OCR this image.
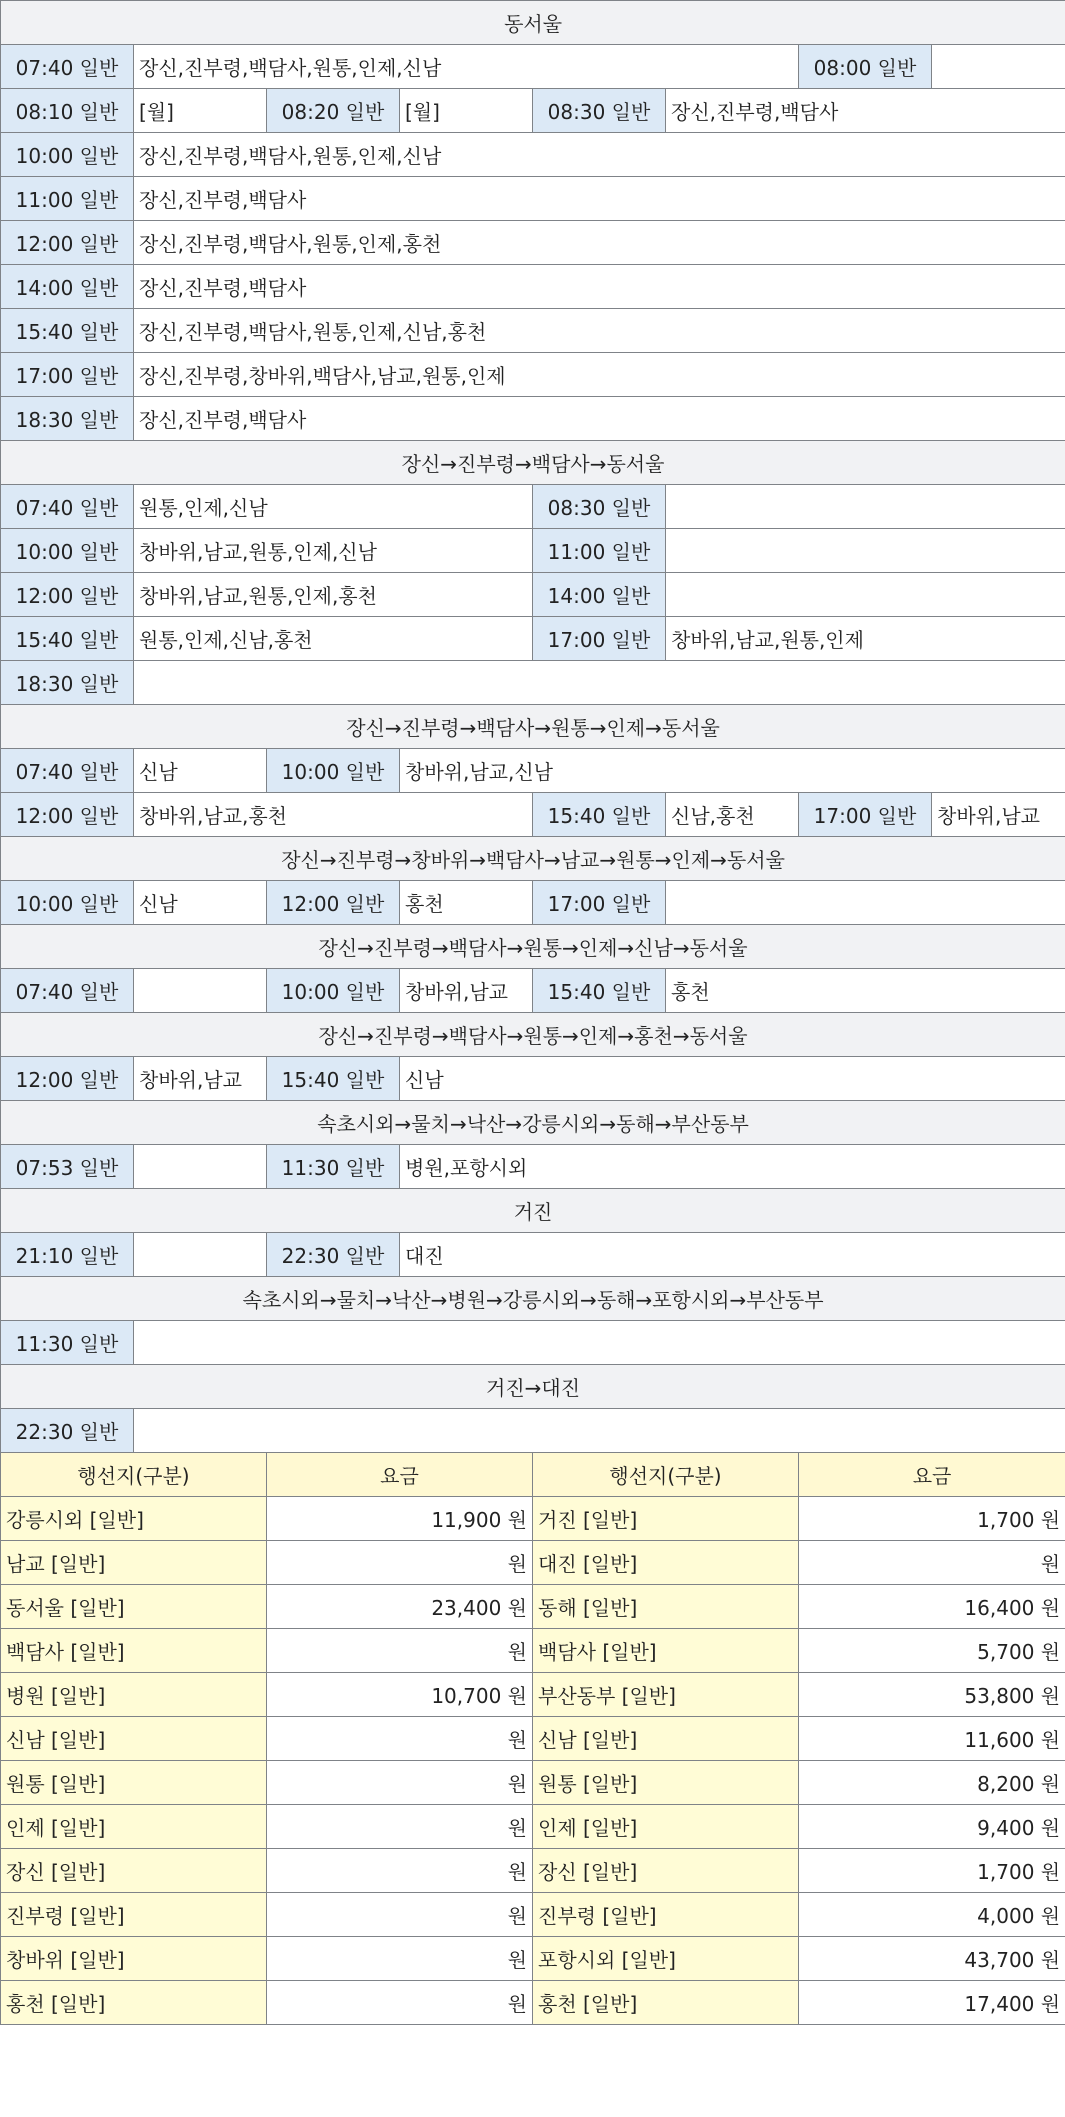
동서울							
07:40 일반	장신,진부령,백담사,원통,인제,신남					08:00 일반	
08:10 일반	[월]	08:20 일반	[월]	08:30 일반	장신,진부령,백담사		
10:00 일반	장신,진부령,백담사,원통,인제,신남						
11:00 일반	장신,진부령,백담사						
12:00 일반	장신,진부령,백담사,원통,인제,홍천						
14:00 일반	장신,진부령,백담사						
15:40 일반	장신,진부령,백담사,원통,인제,신남,홍천						
17:00 일반	장신,진부령,창바위,백담사,남교,원통,인제						
18:30 일반	장신,진부령,백담사						
장신→진부령→백담사→동서울							
07:40 일반	원통,인제,신남			08:30 일반			
10:00 일반	창바위,남교,원통,인제,신남			11:00 일반			
12:00 일반	창바위,남교,원통,인제,홍천			14:00 일반			
15:40 일반	원통,인제,신남,홍천			17:00 일반	창바위,남교,원통,인제		
18:30 일반							
장신→진부령→백담사→원통→인제→동서울							
07:40 일반	신남	10:00 일반	창바위,남교,신남				
12:00 일반	창바위,남교,홍천			15:40 일반	신남,홍천	17:00 일반	창바위,남교
장신→진부령→창바위→백담사→남교→원통→인제→동서울							
10:00 일반	신남	12:00 일반	홍천	17:00 일반			
장신→진부령→백담사→원통→인제→신남→동서울							
07:40 일반		10:00 일반	창바위,남교	15:40 일반	홍천		
장신→진부령→백담사→원통→인제→홍천→동서울							
12:00 일반	창바위,남교	15:40 일반	신남				
속초시외→물치→낙산→강릉시외→동해→부산동부							
07:53 일반		11:30 일반	병원,포항시외				
거진							
21:10 일반		22:30 일반	대진				
속초시외→물치→낙산→병원→강릉시외→동해→포항시외→부산동부							
11:30 일반							
거진→대진							
22:30 일반							
행선지(구분)		요금		행선지(구분)		요금	
강릉시외 [일반]		11,900 원		거진 [일반]		1,700 원	
남교 [일반]		원		대진 [일반]		원	
동서울 [일반]		23,400 원		동해 [일반]		16,400 원	
백담사 [일반]		원		백담사 [일반]		5,700 원	
병원 [일반]		10,700 원		부산동부 [일반]		53,800 원	
신남 [일반]		원		신남 [일반]		11,600 원	
원통 [일반]		원		원통 [일반]		8,200 원	
인제 [일반]		원		인제 [일반]		9,400 원	
장신 [일반]		원		장신 [일반]		1,700 원	
진부령 [일반]		원		진부령 [일반]		4,000 원	
창바위 [일반]		원		포항시외 [일반]		43,700 원	
홍천 [일반]		원		홍천 [일반]		17,400 원	
